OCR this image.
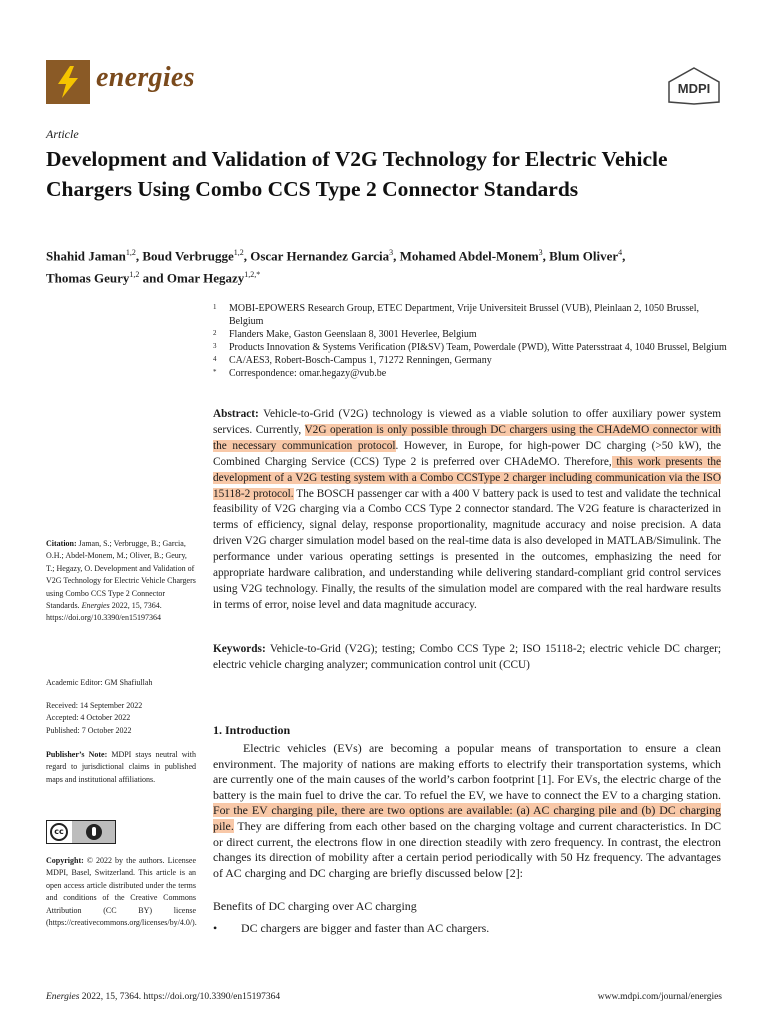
energies	MDPI
Article
Development and Validation of V2G Technology for Electric Vehicle Chargers Using Combo CCS Type 2 Connector Standards
Shahid Jaman$^{1,2}$, Boud Verbrugge$^{1,2}$, Oscar Hernandez Garcia$^3$, Mohamed Abdel-Monem$^3$, Blum Oliver$^4$,
Thomas Geury$^{1,2}$ and Omar Hegazy$^{1,2,*}$
1 MOBI-EPOWERS Research Group, ETEC Department, Vrije Universiteit Brussel (VUB), Pleinlaan 2, 1050 Brussel, Belgium
2 Flanders Make, Gaston Geenslaan 8, 3001 Heverlee, Belgium
3 Products Innovation & Systems Verification (PI&SV) Team, Powerdale (PWD), Witte Patersstraat 4, 1040 Brussel, Belgium
4 CA/AES3, Robert-Bosch-Campus 1, 71272 Renningen, Germany
* Correspondence: omar.hegazy@vub.be
Abstract: Vehicle-to-Grid (V2G) technology is viewed as a viable solution to offer auxiliary power system services. Currently, V2G operation is only possible through DC chargers using the CHAdeMO connector with the necessary communication protocol. However, in Europe, for high-power DC charging (>50 kW), the Combined Charging Service (CCS) Type 2 is preferred over CHAdeMO. Therefore, this work presents the development of a V2G testing system with a Combo CCSType 2 charger including communication via the ISO 15118-2 protocol. The BOSCH passenger car with a 400 V battery pack is used to test and validate the technical feasibility of V2G charging via a Combo CCS Type 2 connector standard. The V2G feature is characterized in terms of efficiency, signal delay, response proportionality, magnitude accuracy and noise precision. A data driven V2G charger simulation model based on the real-time data is also developed in MATLAB/Simulink. The performance under various operating settings is presented in the outcomes, emphasizing the need for appropriate hardware calibration, and understanding while delivering standard-compliant grid control services using V2G technology. Finally, the results of the simulation model are compared with the real hardware results in terms of error, noise level and data magnitude accuracy.
Keywords: Vehicle-to-Grid (V2G); testing; Combo CCS Type 2; ISO 15118-2; electric vehicle DC charger; electric vehicle charging analyzer; communication control unit (CCU)
Citation: Jaman, S.; Verbrugge, B.; Garcia, O.H.; Abdel-Monem, M.; Oliver, B.; Geury, T.; Hegazy, O. Development and Validation of V2G Technology for Electric Vehicle Chargers using Combo CCS Type 2 Connector Standards. Energies 2022, 15, 7364. https://doi.org/10.3390/en15197364
Academic Editor: GM Shafiullah
Received: 14 September 2022
Accepted: 4 October 2022
Published: 7 October 2022
Publisher’s Note: MDPI stays neutral with regard to jurisdictional claims in published maps and institutional affiliations.
cc
Copyright: © 2022 by the authors. Licensee MDPI, Basel, Switzerland. This article is an open access article distributed under the terms and conditions of the Creative Commons Attribution (CC BY) license (https://creativecommons.org/licenses/by/4.0/).
1. Introduction
Electric vehicles (EVs) are becoming a popular means of transportation to ensure a clean environment. The majority of nations are making efforts to electrify their transportation systems, which are currently one of the main causes of the world’s carbon footprint [1]. For EVs, the electric charge of the battery is the main fuel to drive the car. To refuel the EV, we have to connect the EV to a charging station. For the EV charging pile, there are two options are available: (a) AC charging pile and (b) DC charging pile. They are differing from each other based on the charging voltage and current characteristics. In DC or direct current, the electrons flow in one direction steadily with zero frequency. In contrast, the electron changes its direction of mobility after a certain period periodically with 50 Hz frequency. The advantages of AC charging and DC charging are briefly discussed below [2]:
Benefits of DC charging over AC charging
• DC chargers are bigger and faster than AC chargers.
Energies 2022, 15, 7364. https://doi.org/10.3390/en15197364	www.mdpi.com/journal/energies
